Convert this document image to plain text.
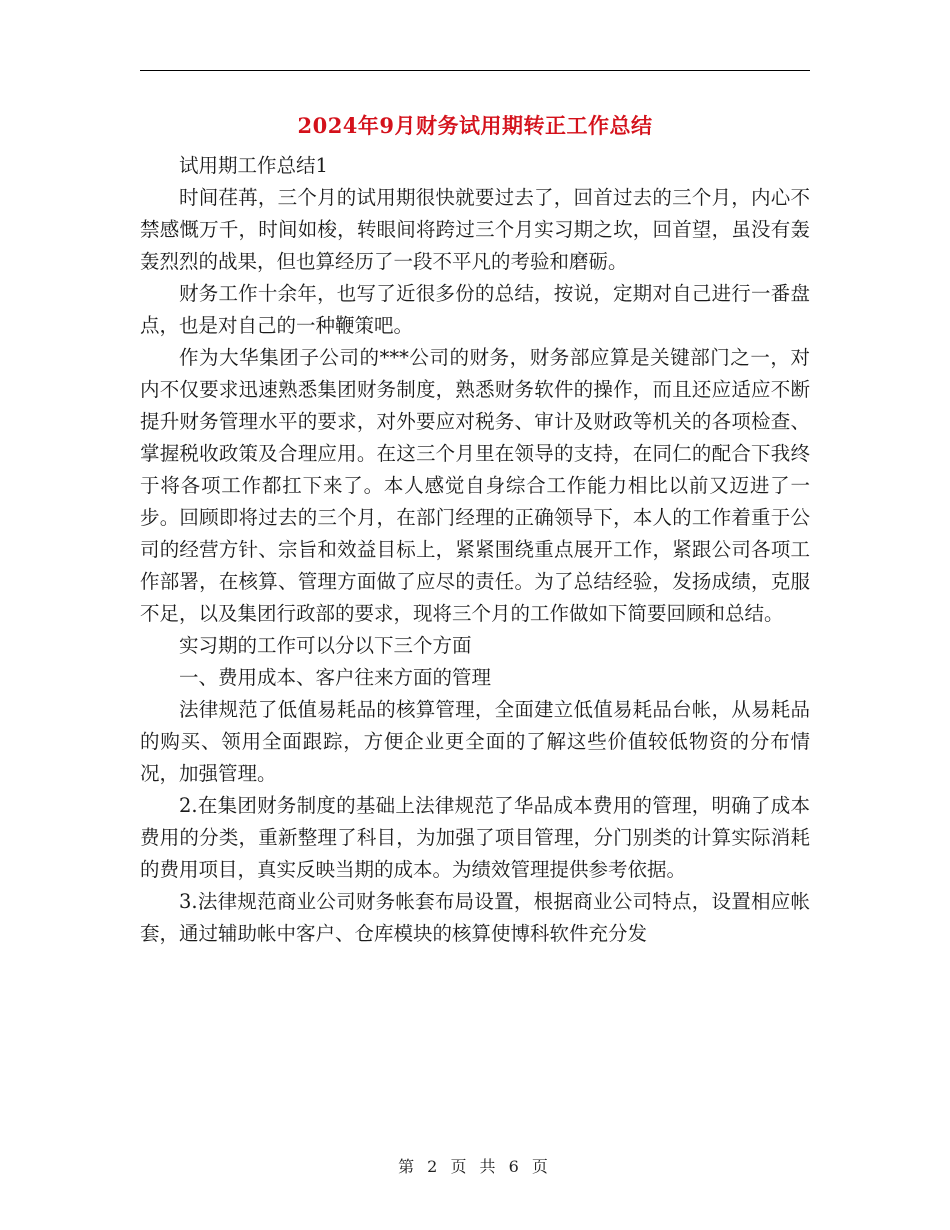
2024年9月财务试用期转正工作总结

试用期工作总结1

时间荏苒，三个月的试用期很快就要过去了，回首过去的三个月，内心不禁感慨万千，时间如梭，转眼间将跨过三个月实习期之坎，回首望，虽没有轰轰烈烈的战果，但也算经历了一段不平凡的考验和磨砺。

财务工作十余年，也写了近很多份的总结，按说，定期对自己进行一番盘点，也是对自己的一种鞭策吧。

作为大华集团子公司的***公司的财务，财务部应算是关键部门之一，对内不仅要求迅速熟悉集团财务制度，熟悉财务软件的操作，而且还应适应不断提升财务管理水平的要求，对外要应对税务、审计及财政等机关的各项检查、掌握税收政策及合理应用。在这三个月里在领导的支持，在同仁的配合下我终于将各项工作都扛下来了。本人感觉自身综合工作能力相比以前又迈进了一步。回顾即将过去的三个月，在部门经理的正确领导下，本人的工作着重于公司的经营方针、宗旨和效益目标上，紧紧围绕重点展开工作，紧跟公司各项工作部署，在核算、管理方面做了应尽的责任。为了总结经验，发扬成绩，克服不足，以及集团行政部的要求，现将三个月的工作做如下简要回顾和总结。

实习期的工作可以分以下三个方面

一、费用成本、客户往来方面的管理

法律规范了低值易耗品的核算管理，全面建立低值易耗品台帐，从易耗品的购买、领用全面跟踪，方便企业更全面的了解这些价值较低物资的分布情况，加强管理。

2.在集团财务制度的基础上法律规范了华品成本费用的管理，明确了成本费用的分类，重新整理了科目，为加强了项目管理，分门别类的计算实际消耗的费用项目，真实反映当期的成本。为绩效管理提供参考依据。

3.法律规范商业公司财务帐套布局设置，根据商业公司特点，设置相应帐套，通过辅助帐中客户、仓库模块的核算使博科软件充分发

第 2 页 共 6 页
